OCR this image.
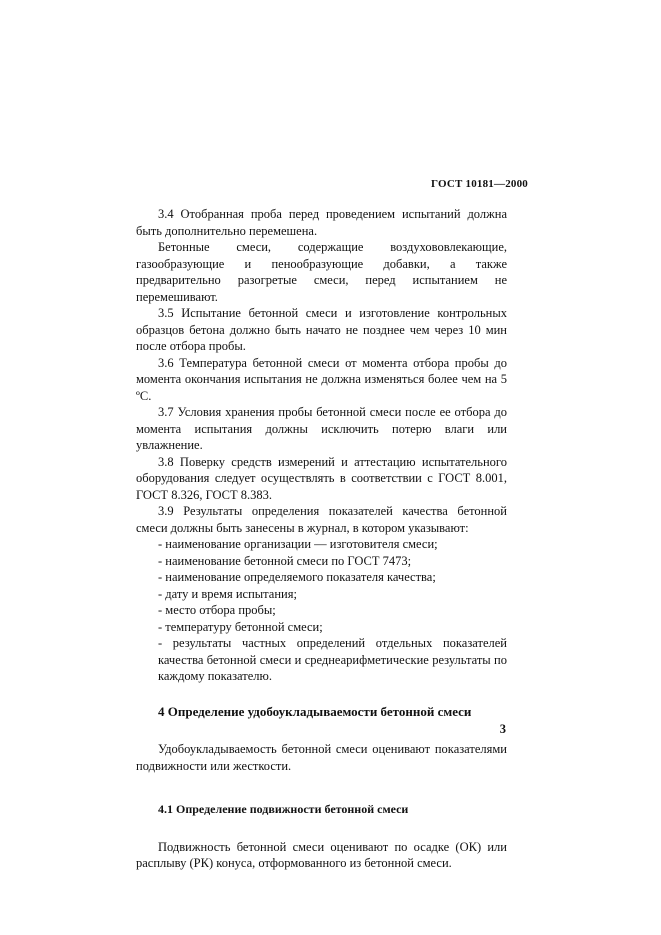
ГОСТ 10181—2000

3.4 Отобранная проба перед проведением испытаний должна быть дополнительно перемешена.

Бетонные смеси, содержащие воздухововлекающие, газообразующие и пенообразующие добавки, а также предварительно разогретые смеси, перед испытанием не перемешивают.

3.5 Испытание бетонной смеси и изготовление контрольных образцов бетона должно быть начато не позднее чем через 10 мин после отбора пробы.

3.6 Температура бетонной смеси от момента отбора пробы до момента окончания испытания не должна изменяться более чем на 5 ºС.

3.7 Условия хранения пробы бетонной смеси после ее отбора до момента испытания должны исключить потерю влаги или увлажнение.

3.8 Поверку средств измерений и аттестацию испытательного оборудования следует осуществлять в соответствии с ГОСТ 8.001, ГОСТ 8.326, ГОСТ 8.383.

3.9 Результаты определения показателей качества бетонной смеси должны быть занесены в журнал, в котором указывают:

- наименование организации — изготовителя смеси;
- наименование бетонной смеси по ГОСТ 7473;
- наименование определяемого показателя качества;
- дату и время испытания;
- место отбора пробы;
- температуру бетонной смеси;
- результаты частных определений отдельных показателей качества бетонной смеси и среднеарифметические результаты по каждому показателю.
4 Определение удобоукладываемости бетонной смеси

Удобоукладываемость бетонной смеси оценивают показателями подвижности или жесткости.

4.1 Определение подвижности бетонной смеси

Подвижность бетонной смеси оценивают по осадке (ОК) или расплыву (РК) конуса, отформованного из бетонной смеси.

3
